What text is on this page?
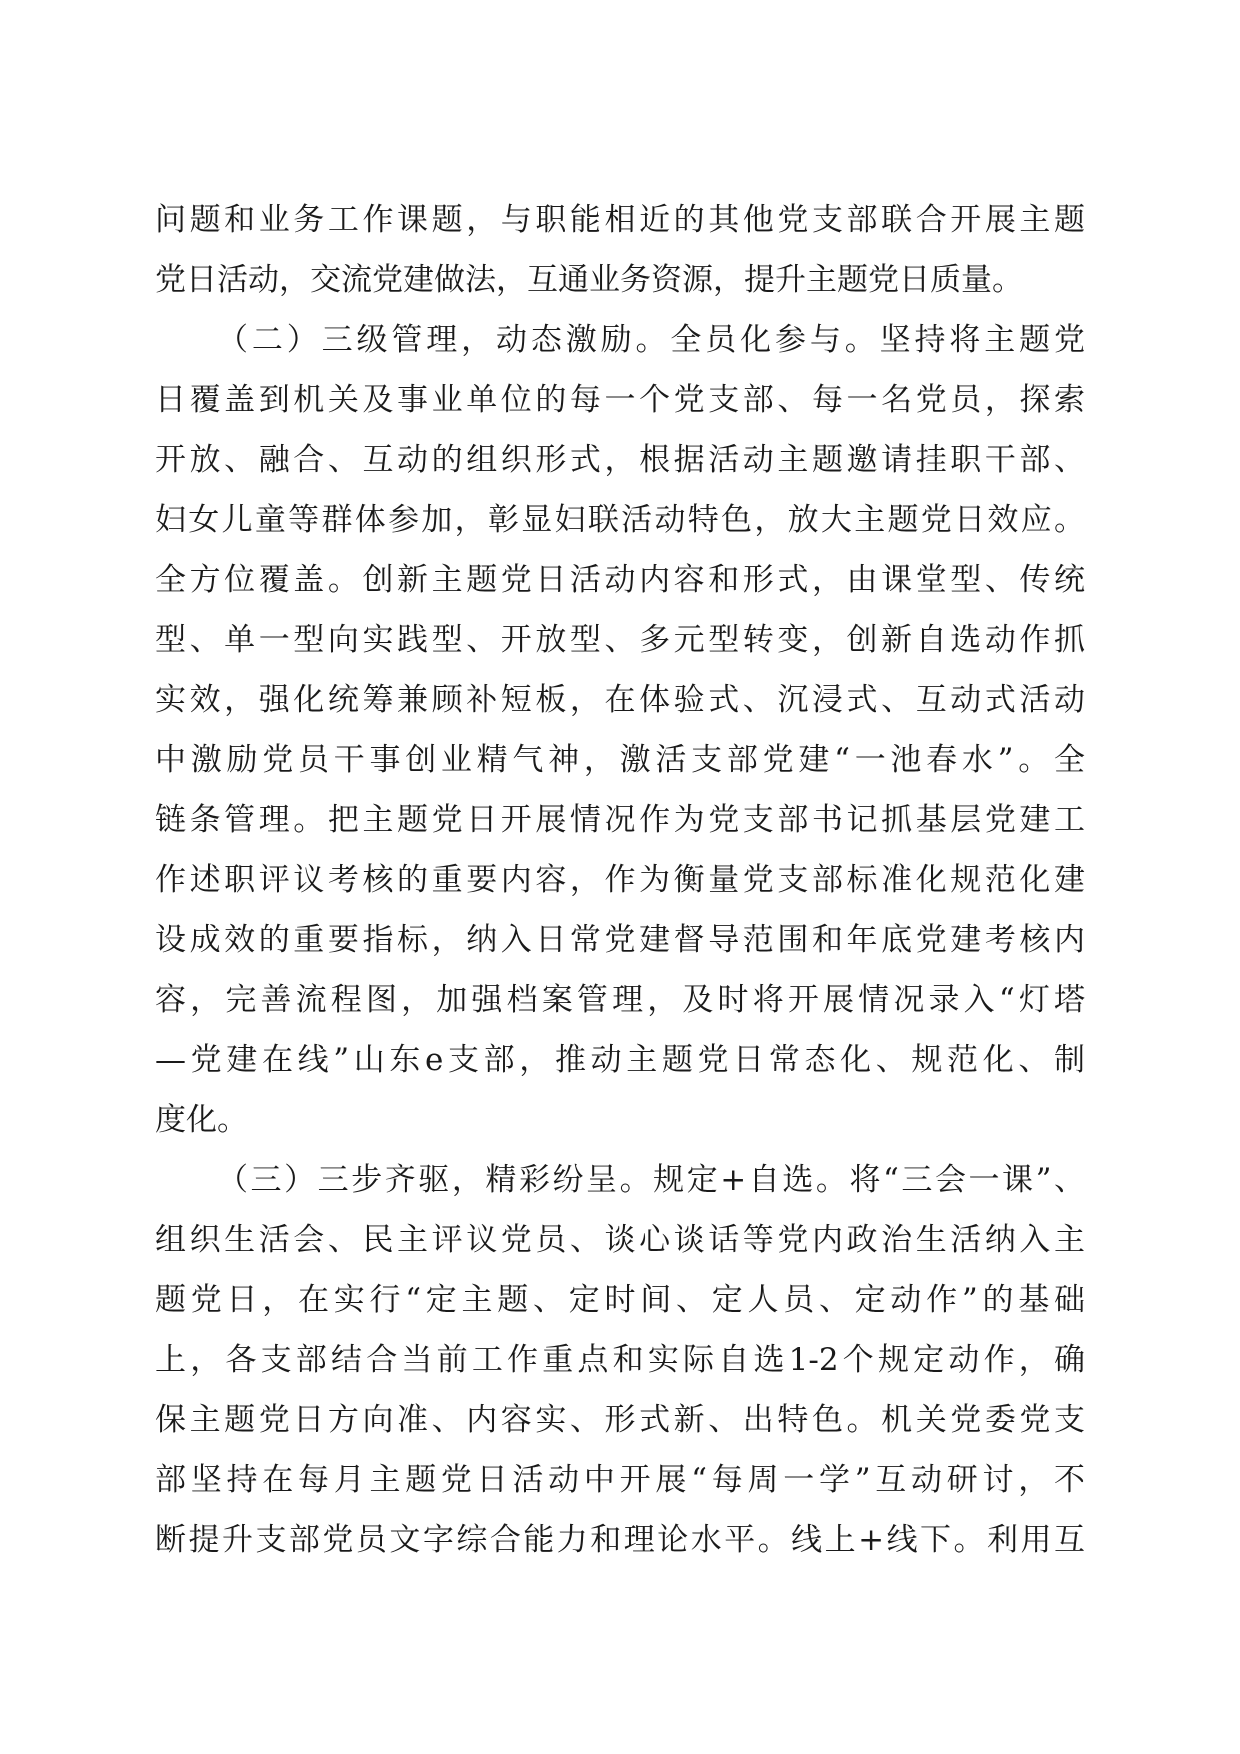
问题和业务工作课题，与职能相近的其他党支部联合开展主题
党日活动，交流党建做法，互通业务资源，提升主题党日质量。
（二）三级管理，动态激励。全员化参与。坚持将主题党
日覆盖到机关及事业单位的每一个党支部、每一名党员，探索
开放、融合、互动的组织形式，根据活动主题邀请挂职干部、
妇女儿童等群体参加，彰显妇联活动特色，放大主题党日效应。
全方位覆盖。创新主题党日活动内容和形式，由课堂型、传统
型、单一型向实践型、开放型、多元型转变，创新自选动作抓
实效，强化统筹兼顾补短板，在体验式、沉浸式、互动式活动
中激励党员干事创业精气神，激活支部党建“一池春水”。全
链条管理。把主题党日开展情况作为党支部书记抓基层党建工
作述职评议考核的重要内容，作为衡量党支部标准化规范化建
设成效的重要指标，纳入日常党建督导范围和年底党建考核内
容，完善流程图，加强档案管理，及时将开展情况录入“灯塔
—党建在线”山东e支部，推动主题党日常态化、规范化、制
度化。
（三）三步齐驱，精彩纷呈。规定+自选。将“三会一课”、
组织生活会、民主评议党员、谈心谈话等党内政治生活纳入主
题党日，在实行“定主题、定时间、定人员、定动作”的基础
上，各支部结合当前工作重点和实际自选1-2个规定动作，确
保主题党日方向准、内容实、形式新、出特色。机关党委党支
部坚持在每月主题党日活动中开展“每周一学”互动研讨，不
断提升支部党员文字综合能力和理论水平。线上+线下。利用互
